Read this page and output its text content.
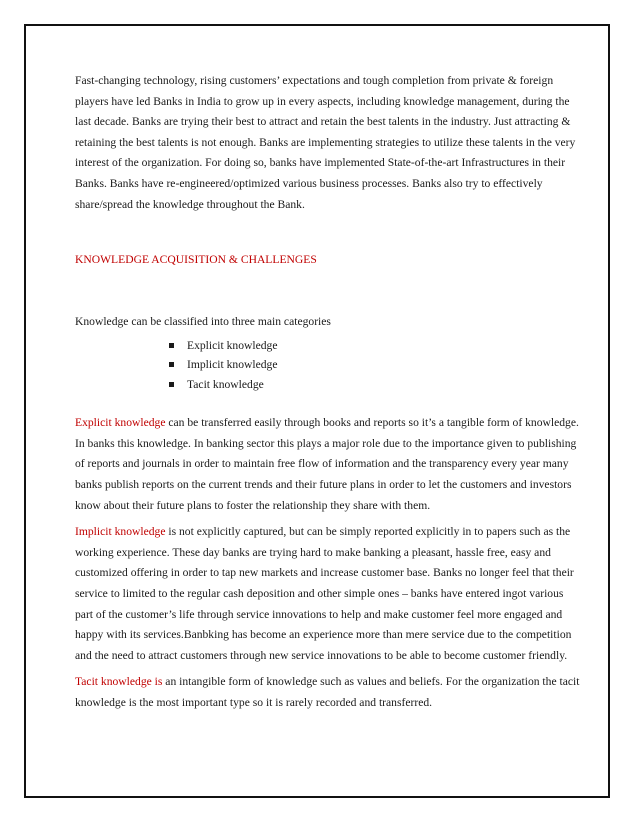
Fast-changing technology, rising customers’ expectations and tough completion from private & foreign players have led Banks in India to grow up in every aspects, including knowledge management, during the last decade. Banks are trying their best to attract and retain the best talents in the industry. Just attracting & retaining the best talents is not enough. Banks are implementing strategies to utilize these talents in the very interest of the organization. For doing so, banks have implemented State-of-the-art Infrastructures in their Banks. Banks have re-engineered/optimized various business processes. Banks also try to effectively share/spread the knowledge throughout the Bank.

KNOWLEDGE ACQUISITION & CHALLENGES

Knowledge can be classified into three main categories

Explicit knowledge
Implicit knowledge
Tacit knowledge

Explicit knowledge can be transferred easily through books and reports so it’s a tangible form of knowledge. In banks this knowledge. In banking sector this plays a major role due to the importance given to publishing of reports and journals in order to maintain free flow of information and the transparency every year many banks publish reports on the current trends and their future plans in order to let the customers and investors know about their future plans to foster the relationship they share with them.

Implicit knowledge is not explicitly captured, but can be simply reported explicitly in to papers such as the working experience. These day banks are trying hard to make banking a pleasant, hassle free, easy and customized offering in order to tap new markets and increase customer base. Banks no longer feel that their service to limited to the regular cash deposition and other simple ones – banks have entered ingot various part of the customer’s life through service innovations to help and make customer feel more engaged and happy with its services.Banbking has become an experience more than mere service due to the competition and the need to attract customers through new service innovations to be able to become customer friendly.

Tacit knowledge is an intangible form of knowledge such as values and beliefs. For the organization the tacit knowledge is the most important type so it is rarely recorded and transferred.
